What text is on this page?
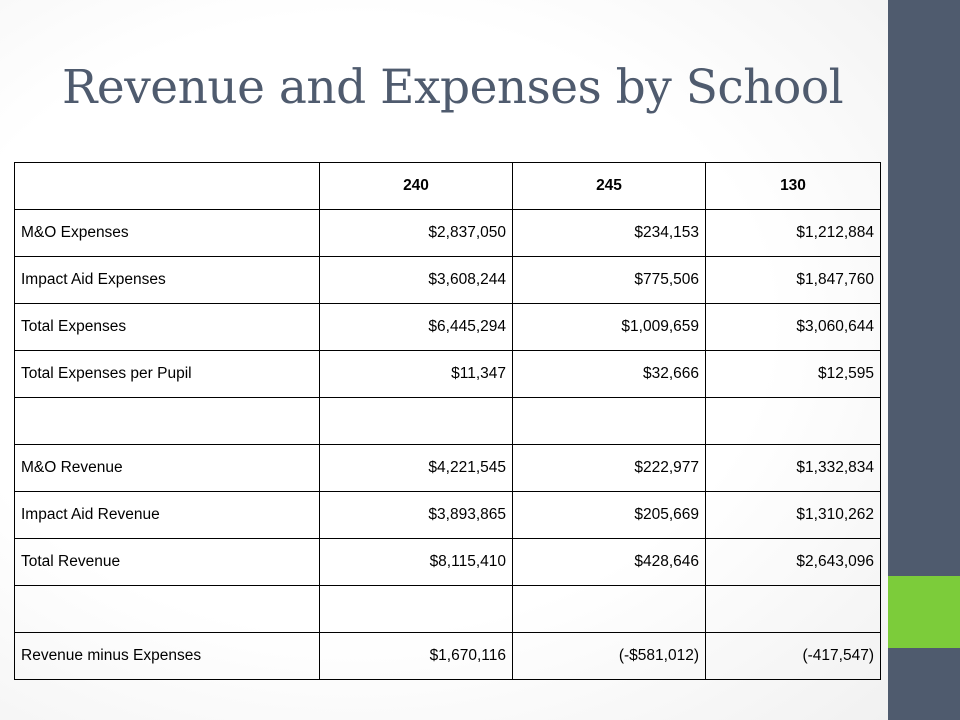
Revenue and Expenses by School
	240	245	130
M&O Expenses	$2,837,050	$234,153	$1,212,884
Impact Aid Expenses	$3,608,244	$775,506	$1,847,760
Total Expenses	$6,445,294	$1,009,659	$3,060,644
Total Expenses per Pupil	$11,347	$32,666	$12,595

M&O Revenue	$4,221,545	$222,977	$1,332,834
Impact Aid Revenue	$3,893,865	$205,669	$1,310,262
Total Revenue	$8,115,410	$428,646	$2,643,096

Revenue minus Expenses	$1,670,116	(-$581,012)	(-417,547)
